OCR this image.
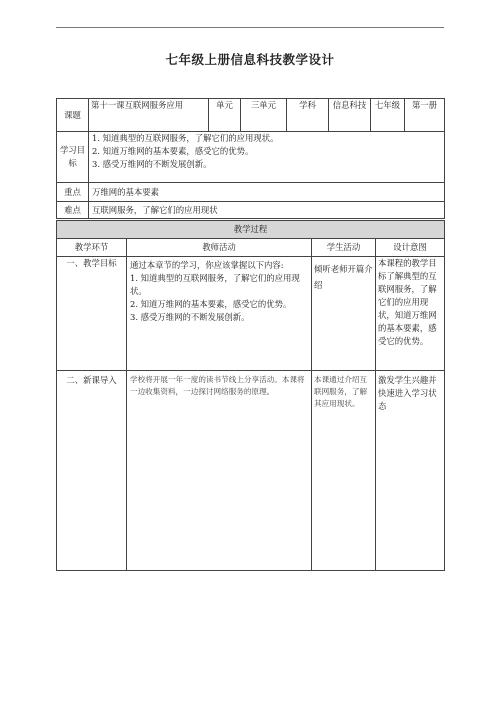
七年级上册信息科技教学设计
课题	第十一课互联网服务应用	单元	三单元	学科	信息科技	七年级	第一册
学习目标	1. 知道典型的互联网服务，了解它们的应用现状。
2. 知道万维网的基本要素，感受它的优势。
3. 感受万维网的不断发展创新。						

重点	万维网的基本要素						
难点	互联网服务，了解它们的应用现状						
教学过程			
教学环节	教师活动	学生活动	设计意图
一、教学目标	通过本章节的学习，你应该掌握以下内容:
1. 知道典型的互联网服务，了解它们的应用现状。
2. 知道万维网的基本要素，感受它的优势。
3. 感受万维网的不断发展创新。	倾听老师开篇介绍	本课程的教学目标了解典型的互联网服务，了解它们的应用现状，知道万维网的基本要素，感受它的优势。
二、新课导入	学校将开展一年一度的读书节线上分享活动。本课将一边收集资料，一边探讨网络服务的原理。	本课通过介绍互联网服务，了解其应用现状。	激发学生兴趣并快速进入学习状态
